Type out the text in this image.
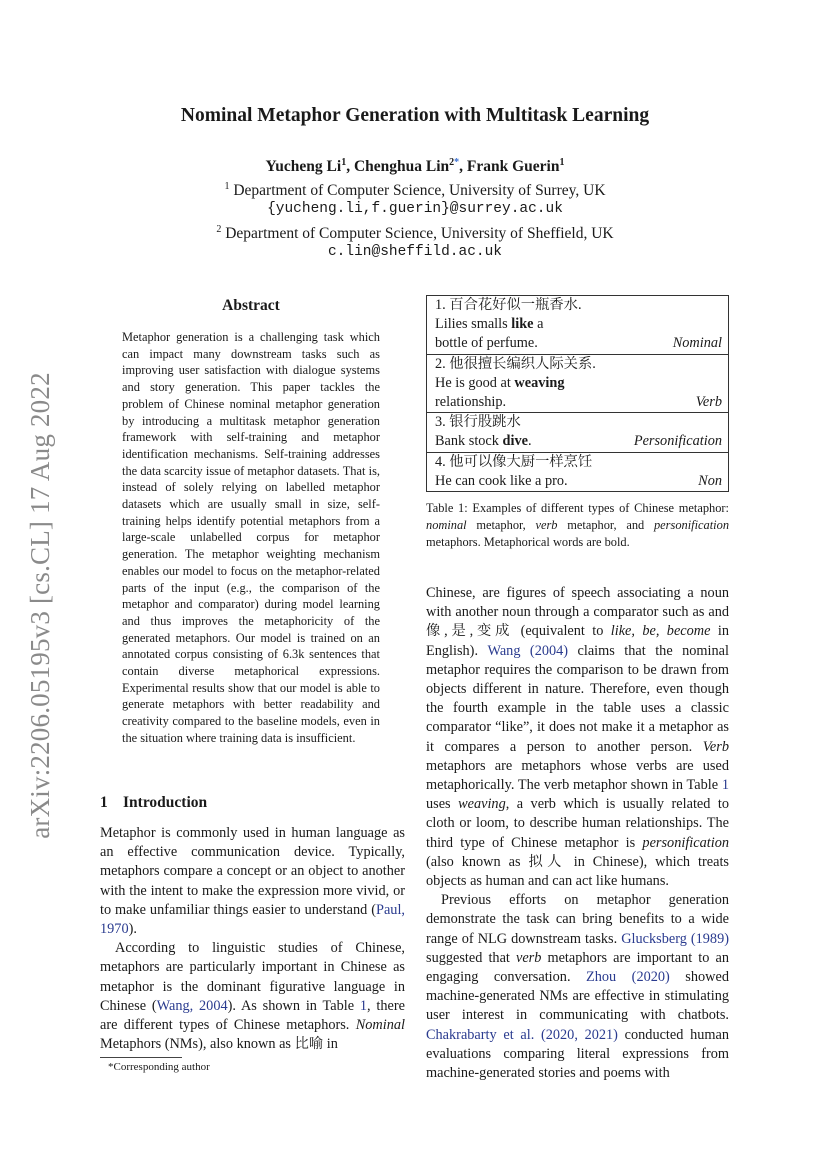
arXiv:2206.05195v3 [cs.CL] 17 Aug 2022
Nominal Metaphor Generation with Multitask Learning
Yucheng Li$^1$, Chenghua Lin$^{2*}$, Frank Guerin$^1$
$^1$ Department of Computer Science, University of Surrey, UK
{yucheng.li,f.guerin}@surrey.ac.uk
$^2$ Department of Computer Science, University of Sheffield, UK
c.lin@sheffild.ac.uk
Abstract
Metaphor generation is a challenging task which can impact many downstream tasks such as improving user satisfaction with dialogue systems and story generation. This paper tackles the problem of Chinese nominal metaphor generation by introducing a multitask metaphor generation framework with self-training and metaphor identification mechanisms. Self-training addresses the data scarcity issue of metaphor datasets. That is, instead of solely relying on labelled metaphor datasets which are usually small in size, self-training helps identify potential metaphors from a large-scale unlabelled corpus for metaphor generation. The metaphor weighting mechanism enables our model to focus on the metaphor-related parts of the input (e.g., the comparison of the metaphor and comparator) during model learning and thus improves the metaphoricity of the generated metaphors. Our model is trained on an annotated corpus consisting of 6.3k sentences that contain diverse metaphorical expressions. Experimental results show that our model is able to generate metaphors with better readability and creativity compared to the baseline models, even in the situation where training data is insufficient.
1 Introduction

Metaphor is commonly used in human language as an effective communication device. Typically, metaphors compare a concept or an object to another with the intent to make the expression more vivid, or to make unfamiliar things easier to understand (Paul, 1970).

According to linguistic studies of Chinese, metaphors are particularly important in Chinese as metaphor is the dominant figurative language in Chinese (Wang, 2004). As shown in Table 1, there are different types of Chinese metaphors. Nominal Metaphors (NMs), also known as 比喻 in

*Corresponding author
1. 百合花好似一瓶香水.
Lilies smalls like a

bottle of perfume.	Nominal

2. 他很擅长编织人际关系.
He is good at weaving

relationship.	Verb

3. 银行股跳水

Bank stock dive.	Personification

4. 他可以像大厨一样烹饪

He can cook like a pro.	Non
Table 1: Examples of different types of Chinese metaphor: nominal metaphor, verb metaphor, and personification metaphors. Metaphorical words are bold.

Chinese, are figures of speech associating a noun with another noun through a comparator such as and 像,是,变成 (equivalent to like, be, become in English). Wang (2004) claims that the nominal metaphor requires the comparison to be drawn from objects different in nature. Therefore, even though the fourth example in the table uses a classic comparator “like”, it does not make it a metaphor as it compares a person to another person. Verb metaphors are metaphors whose verbs are used metaphorically. The verb metaphor shown in Table 1 uses weaving, a verb which is usually related to cloth or loom, to describe human relationships. The third type of Chinese metaphor is personification (also known as 拟人 in Chinese), which treats objects as human and can act like humans.

Previous efforts on metaphor generation demonstrate the task can bring benefits to a wide range of NLG downstream tasks. Glucksberg (1989) suggested that verb metaphors are important to an engaging conversation. Zhou (2020) showed machine-generated NMs are effective in stimulating user interest in communicating with chatbots. Chakrabarty et al. (2020, 2021) conducted human evaluations comparing literal expressions from machine-generated stories and poems with
